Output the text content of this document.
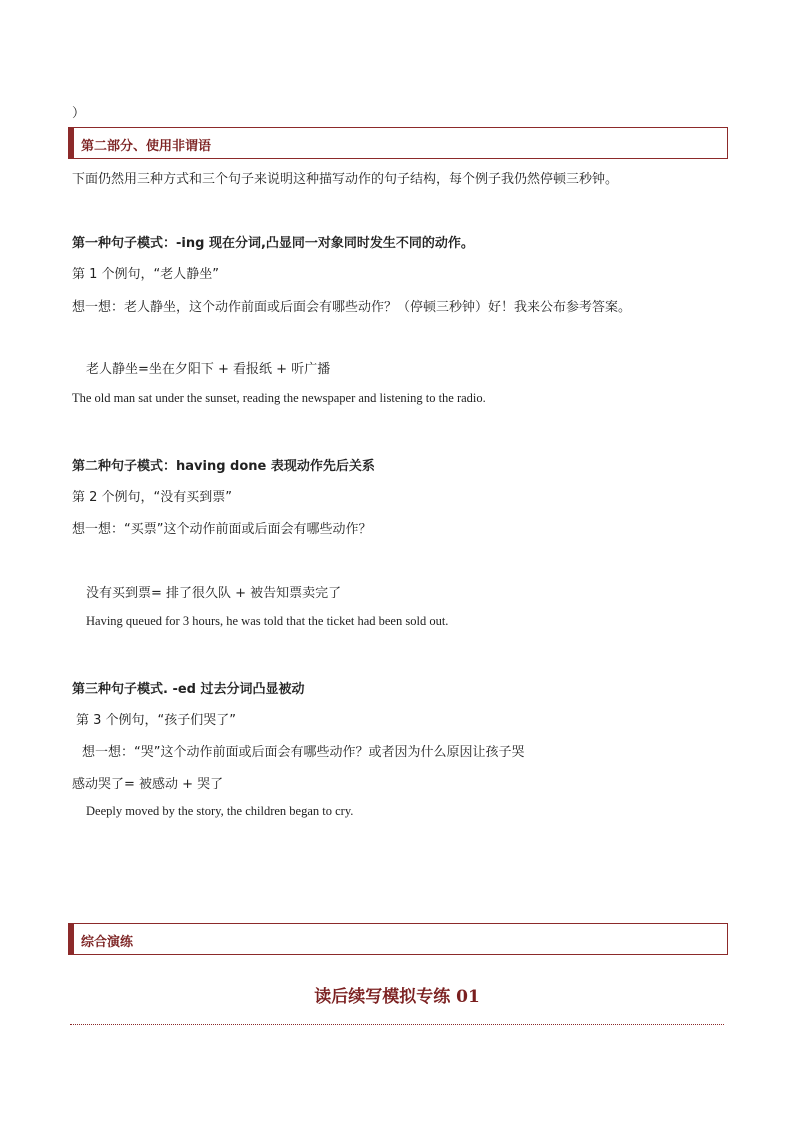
）
第二部分、使用非谓语
下面仍然用三种方式和三个句子来说明这种描写动作的句子结构，每个例子我仍然停顿三秒钟。
第一种句子模式：-ing 现在分词,凸显同一对象同时发生不同的动作。
第 1 个例句，“老人静坐”
想一想：老人静坐，这个动作前面或后面会有哪些动作？（停顿三秒钟）好！我来公布参考答案。
老人静坐=坐在夕阳下 + 看报纸 + 听广播
The old man sat under the sunset, reading the newspaper and listening to the radio.
第二种句子模式：having done 表现动作先后关系
第 2 个例句，“没有买到票”
想一想：“买票”这个动作前面或后面会有哪些动作？
没有买到票= 排了很久队 + 被告知票卖完了
Having queued for 3 hours, he was told that the ticket had been sold out.
第三种句子模式. -ed 过去分词凸显被动
第 3 个例句，“孩子们哭了”
想一想：“哭”这个动作前面或后面会有哪些动作？或者因为什么原因让孩子哭
感动哭了= 被感动 + 哭了
Deeply moved by the story, the children began to cry.
综合演练
读后续写模拟专练 01
